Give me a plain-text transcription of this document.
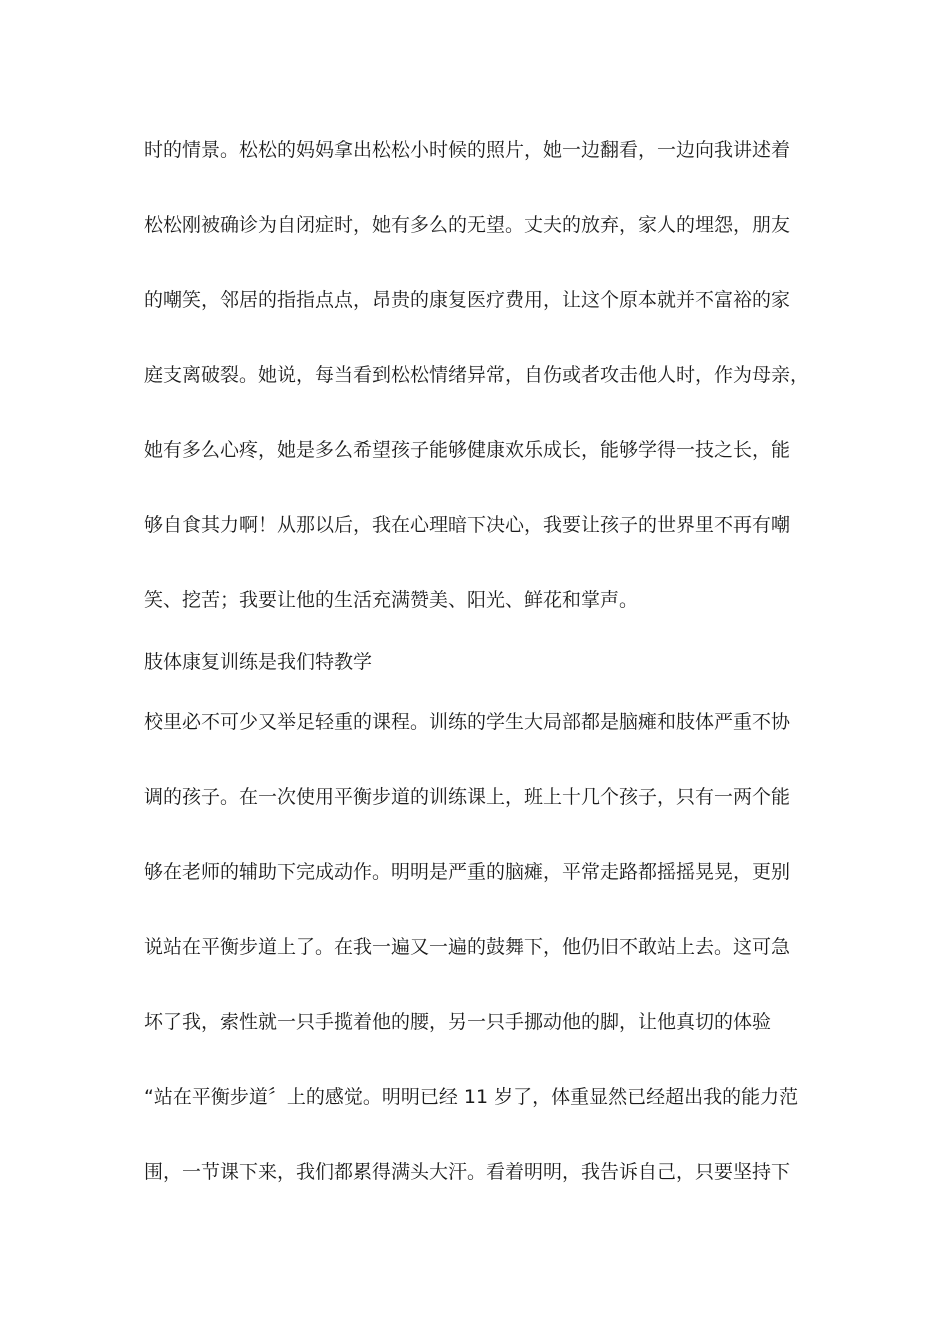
时的情景。松松的妈妈拿出松松小时候的照片，她一边翻看，一边向我讲述着
松松刚被确诊为自闭症时，她有多么的无望。丈夫的放弃，家人的埋怨，朋友
的嘲笑，邻居的指指点点，昂贵的康复医疗费用，让这个原本就并不富裕的家
庭支离破裂。她说，每当看到松松情绪异常，自伤或者攻击他人时，作为母亲，
她有多么心疼，她是多么希望孩子能够健康欢乐成长，能够学得一技之长，能
够自食其力啊！从那以后，我在心理暗下决心，我要让孩子的世界里不再有嘲
笑、挖苦；我要让他的生活充满赞美、阳光、鲜花和掌声。
肢体康复训练是我们特教学
校里必不可少又举足轻重的课程。训练的学生大局部都是脑瘫和肢体严重不协
调的孩子。在一次使用平衡步道的训练课上，班上十几个孩子，只有一两个能
够在老师的辅助下完成动作。明明是严重的脑瘫，平常走路都摇摇晃晃，更别
说站在平衡步道上了。在我一遍又一遍的鼓舞下，他仍旧不敢站上去。这可急
坏了我，索性就一只手揽着他的腰，另一只手挪动他的脚，让他真切的体验
“站在平衡步道〞上的感觉。明明已经 11 岁了，体重显然已经超出我的能力范
围，一节课下来，我们都累得满头大汗。看着明明，我告诉自己，只要坚持下
